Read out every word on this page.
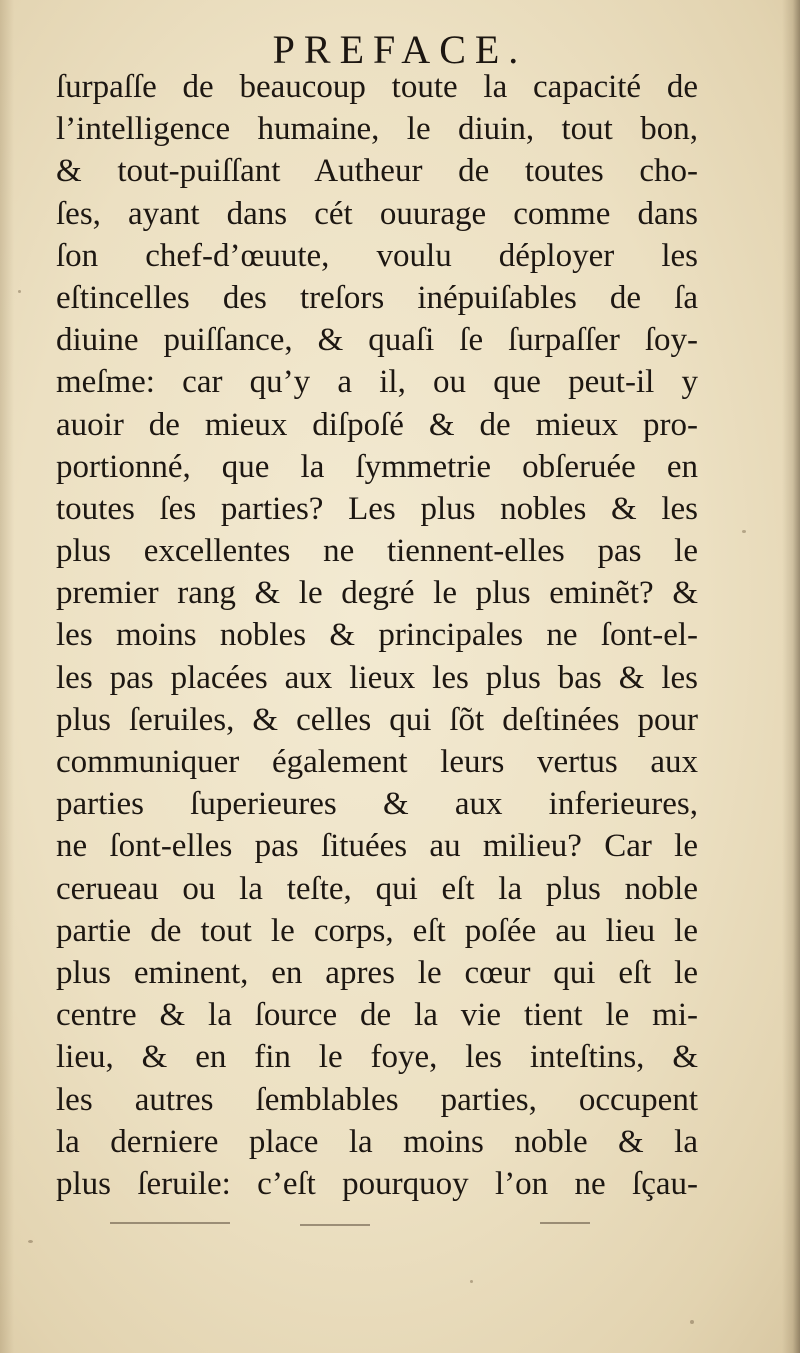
PREFACE.
ſurpaſſe de beaucoup toute la capacité de
l’intelligence humaine, le diuin, tout bon,
& tout-puiſſant Autheur de toutes cho-
ſes, ayant dans cét ouurage comme dans
ſon chef-d’œuute, voulu déployer les
eſtincelles des treſors inépuiſables de ſa
diuine puiſſance, & quaſi ſe ſurpaſſer ſoy-
meſme: car qu’y a il, ou que peut-il y
auoir de mieux diſpoſé & de mieux pro-
portionné, que la ſymmetrie obſeruée en
toutes ſes parties? Les plus nobles & les
plus excellentes ne tiennent-elles pas le
premier rang & le degré le plus eminẽt? &
les moins nobles & principales ne ſont-el-
les pas placées aux lieux les plus bas & les
plus ſeruiles, & celles qui ſõt deſtinées pour
communiquer également leurs vertus aux
parties ſuperieures & aux inferieures,
ne ſont-elles pas ſituées au milieu? Car le
cerueau ou la teſte, qui eſt la plus noble
partie de tout le corps, eſt poſée au lieu le
plus eminent, en apres le cœur qui eſt le
centre & la ſource de la vie tient le mi-
lieu, & en fin le foye, les inteſtins, &
les autres ſemblables parties, occupent
la derniere place la moins noble & la
plus ſeruile: c’eſt pourquoy l’on ne ſçau-
